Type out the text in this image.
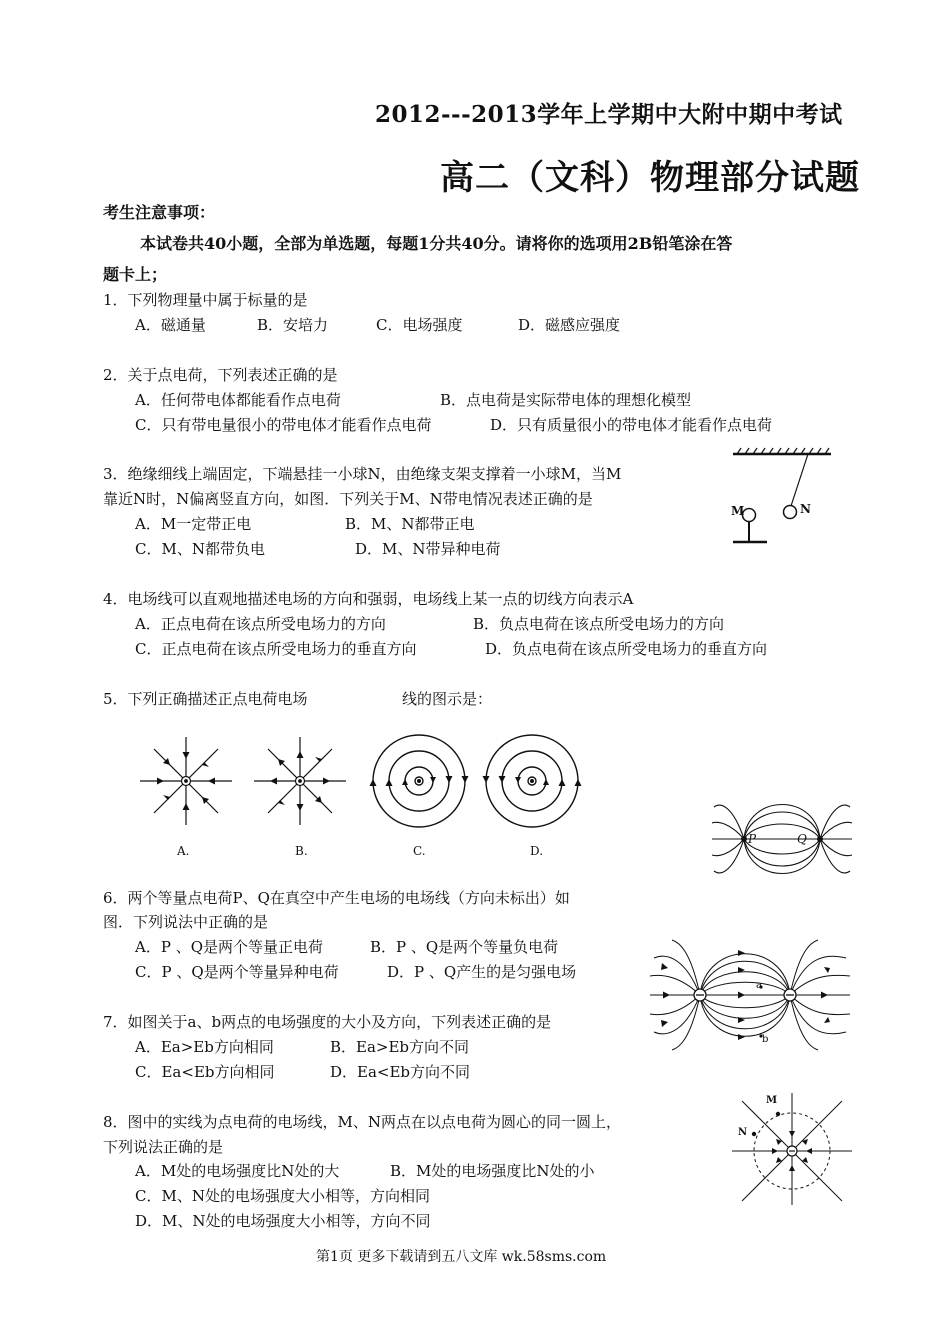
2012---2013学年上学期中大附中期中考试
高二（文科）物理部分试题
考生注意事项：
本试卷共40小题，全部为单选题，每题1分共40分。请将你的选项用2B铅笔涂在答
题卡上；
1．下列物理量中属于标量的是
A．磁通量	B．安培力	C．电场强度	D．磁感应强度
2．关于点电荷，下列表述正确的是
A．任何带电体都能看作点电荷	B．点电荷是实际带电体的理想化模型
C．只有带电量很小的带电体才能看作点电荷	D．只有质量很小的带电体才能看作点电荷
3．绝缘细线上端固定，下端悬挂一小球N，由绝缘支架支撑着一小球M，当M
靠近N时，N偏离竖直方向，如图．下列关于M、N带电情况表述正确的是
A．M一定带正电	B．M、N都带正电
C．M、N都带负电	D．M、N带异种电荷
M	N
4．电场线可以直观地描述电场的方向和强弱，电场线上某一点的切线方向表示A
A．正点电荷在该点所受电场力的方向	B．负点电荷在该点所受电场力的方向
C．正点电荷在该点所受电场力的垂直方向	D．负点电荷在该点所受电场力的垂直方向
5．下列正确描述正点电荷电场	线的图示是：
A.	B.	C.	D.
P	Q
6．两个等量点电荷P、Q在真空中产生电场的电场线（方向未标出）如
图．下列说法中正确的是
A．P 、Q是两个等量正电荷	B．P 、Q是两个等量负电荷
C．P 、Q是两个等量异种电荷	D．P 、Q产生的是匀强电场
a
b
7．如图关于a、b两点的电场强度的大小及方向，下列表述正确的是
A．Ea>Eb方向相同	B．Ea>Eb方向不同
C．Ea<Eb方向相同	D．Ea<Eb方向不同
M
N
8．图中的实线为点电荷的电场线，M、N两点在以点电荷为圆心的同一圆上，
下列说法正确的是
A．M处的电场强度比N处的大	B．M处的电场强度比N处的小
C．M、N处的电场强度大小相等，方向相同
D．M、N处的电场强度大小相等，方向不同
第1页 更多下载请到五八文库 wk.58sms.com
